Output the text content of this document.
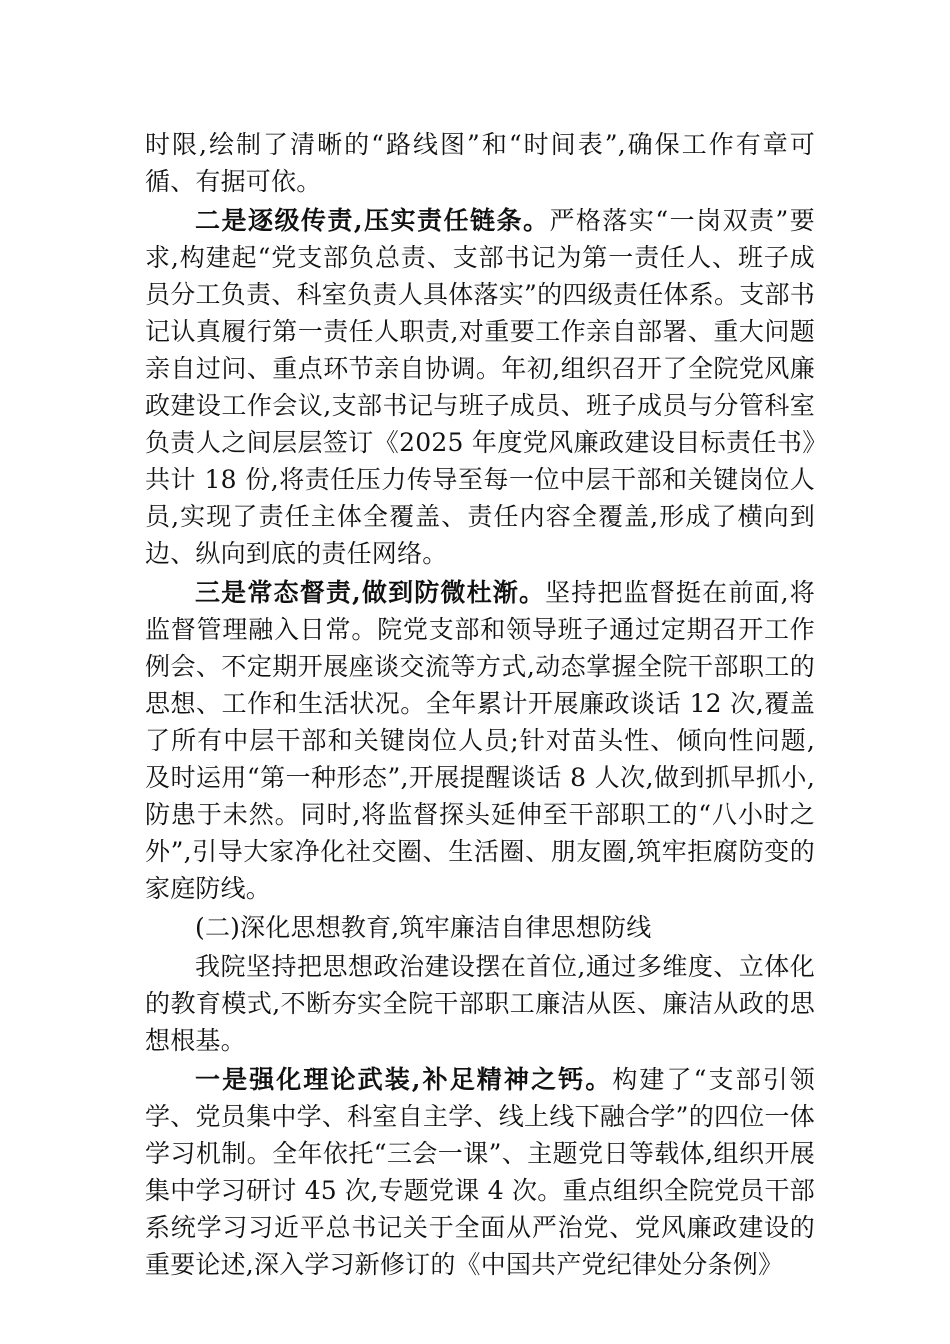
时限,绘制了清晰的“路线图”和“时间表”,确保工作有章可循、有据可依。

二是逐级传责,压实责任链条。严格落实“一岗双责”要求,构建起“党支部负总责、支部书记为第一责任人、班子成员分工负责、科室负责人具体落实”的四级责任体系。支部书记认真履行第一责任人职责,对重要工作亲自部署、重大问题亲自过问、重点环节亲自协调。年初,组织召开了全院党风廉政建设工作会议,支部书记与班子成员、班子成员与分管科室负责人之间层层签订《2025 年度党风廉政建设目标责任书》共计 18 份,将责任压力传导至每一位中层干部和关键岗位人员,实现了责任主体全覆盖、责任内容全覆盖,形成了横向到边、纵向到底的责任网络。

三是常态督责,做到防微杜渐。坚持把监督挺在前面,将监督管理融入日常。院党支部和领导班子通过定期召开工作例会、不定期开展座谈交流等方式,动态掌握全院干部职工的思想、工作和生活状况。全年累计开展廉政谈话 12 次,覆盖了所有中层干部和关键岗位人员;针对苗头性、倾向性问题,及时运用“第一种形态”,开展提醒谈话 8 人次,做到抓早抓小,防患于未然。同时,将监督探头延伸至干部职工的“八小时之外”,引导大家净化社交圈、生活圈、朋友圈,筑牢拒腐防变的家庭防线。

(二)深化思想教育,筑牢廉洁自律思想防线

我院坚持把思想政治建设摆在首位,通过多维度、立体化的教育模式,不断夯实全院干部职工廉洁从医、廉洁从政的思想根基。

一是强化理论武装,补足精神之钙。构建了“支部引领学、党员集中学、科室自主学、线上线下融合学”的四位一体学习机制。全年依托“三会一课”、主题党日等载体,组织开展集中学习研讨 45 次,专题党课 4 次。重点组织全院党员干部系统学习习近平总书记关于全面从严治党、党风廉政建设的重要论述,深入学习新修订的《中国共产党纪律处分条例》
